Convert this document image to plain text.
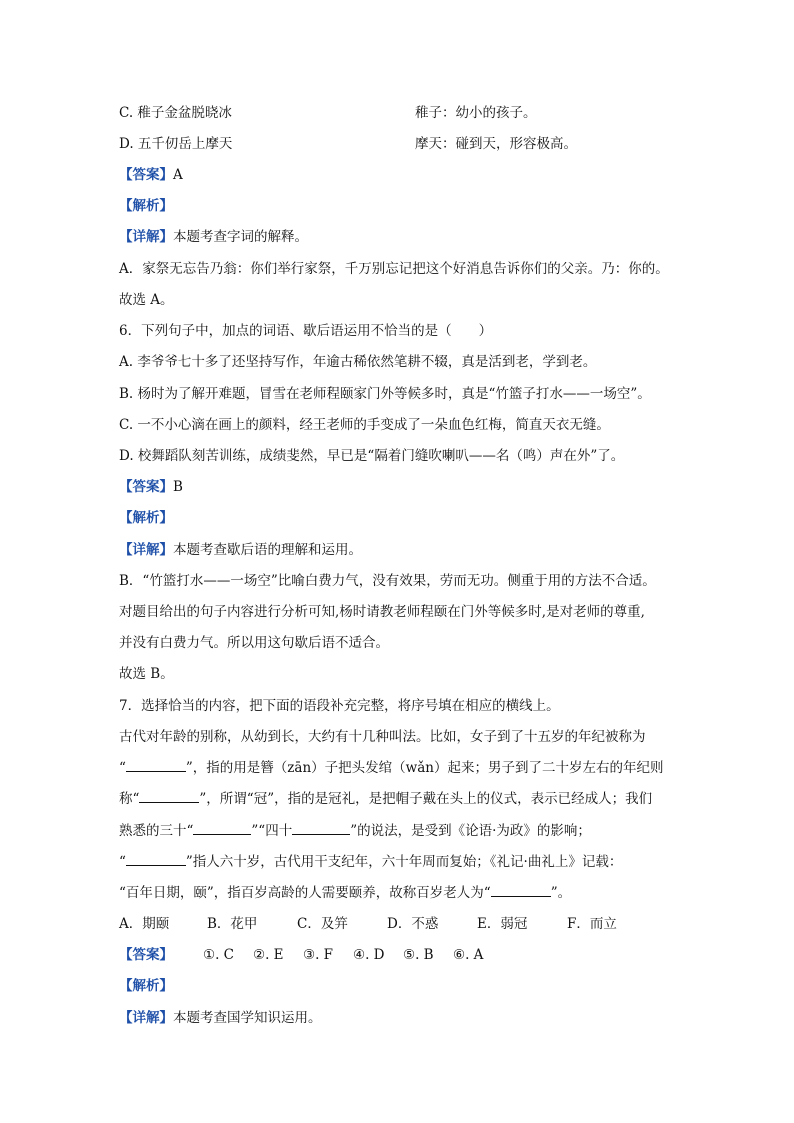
C. 稚子金盆脱晓冰	稚子：幼小的孩子。
D. 五千仞岳上摩天	摩天：碰到天，形容极高。
【答案】A
【解析】
【详解】本题考查字词的解释。
A．家祭无忘告乃翁：你们举行家祭，千万别忘记把这个好消息告诉你们的父亲。乃：你的。
故选 A。
6．下列句子中，加点的词语、歇后语运用不恰当的是（　　）
A. 李爷爷七十多了还坚持写作，年逾古稀依然笔耕不辍，真是活到老，学到老。
B. 杨时为了解开难题，冒雪在老师程颐家门外等候多时，真是“竹篮子打水——一场空”。
C. 一不小心滴在画上的颜料，经王老师的手变成了一朵血色红梅，简直天衣无缝。
D. 校舞蹈队刻苦训练，成绩斐然，早已是“隔着门缝吹喇叭——名（鸣）声在外”了。
【答案】B
【解析】
【详解】本题考查歇后语的理解和运用。
B．“竹篮打水——一场空”比喻白费力气，没有效果，劳而无功。侧重于用的方法不合适。
对题目给出的句子内容进行分析可知,杨时请教老师程颐在门外等候多时,是对老师的尊重,
并没有白费力气。所以用这句歇后语不适合。
故选 B。
7．选择恰当的内容，把下面的语段补充完整，将序号填在相应的横线上。
古代对年龄的别称，从幼到长，大约有十几种叫法。比如，女子到了十五岁的年纪被称为
“	”，指的用是簪（zān）子把头发绾（wǎn）起来；男子到了二十岁左右的年纪则
称“	”，所谓“冠”，指的是冠礼，是把帽子戴在头上的仪式，表示已经成人；我们
熟悉的三十“	”“四十	”的说法，是受到《论语·为政》的影响；
“	”指人六十岁，古代用干支纪年，六十年周而复始；《礼记·曲礼上》记载：
“百年日期，颐”，指百岁高龄的人需要颐养，故称百岁老人为“	”。
A．期颐	B．花甲	C．及笄	D．不惑	E．弱冠	F．而立
【答案】 ①. C ②. E ③. F ④. D ⑤. B ⑥. A
【解析】
【详解】本题考查国学知识运用。
